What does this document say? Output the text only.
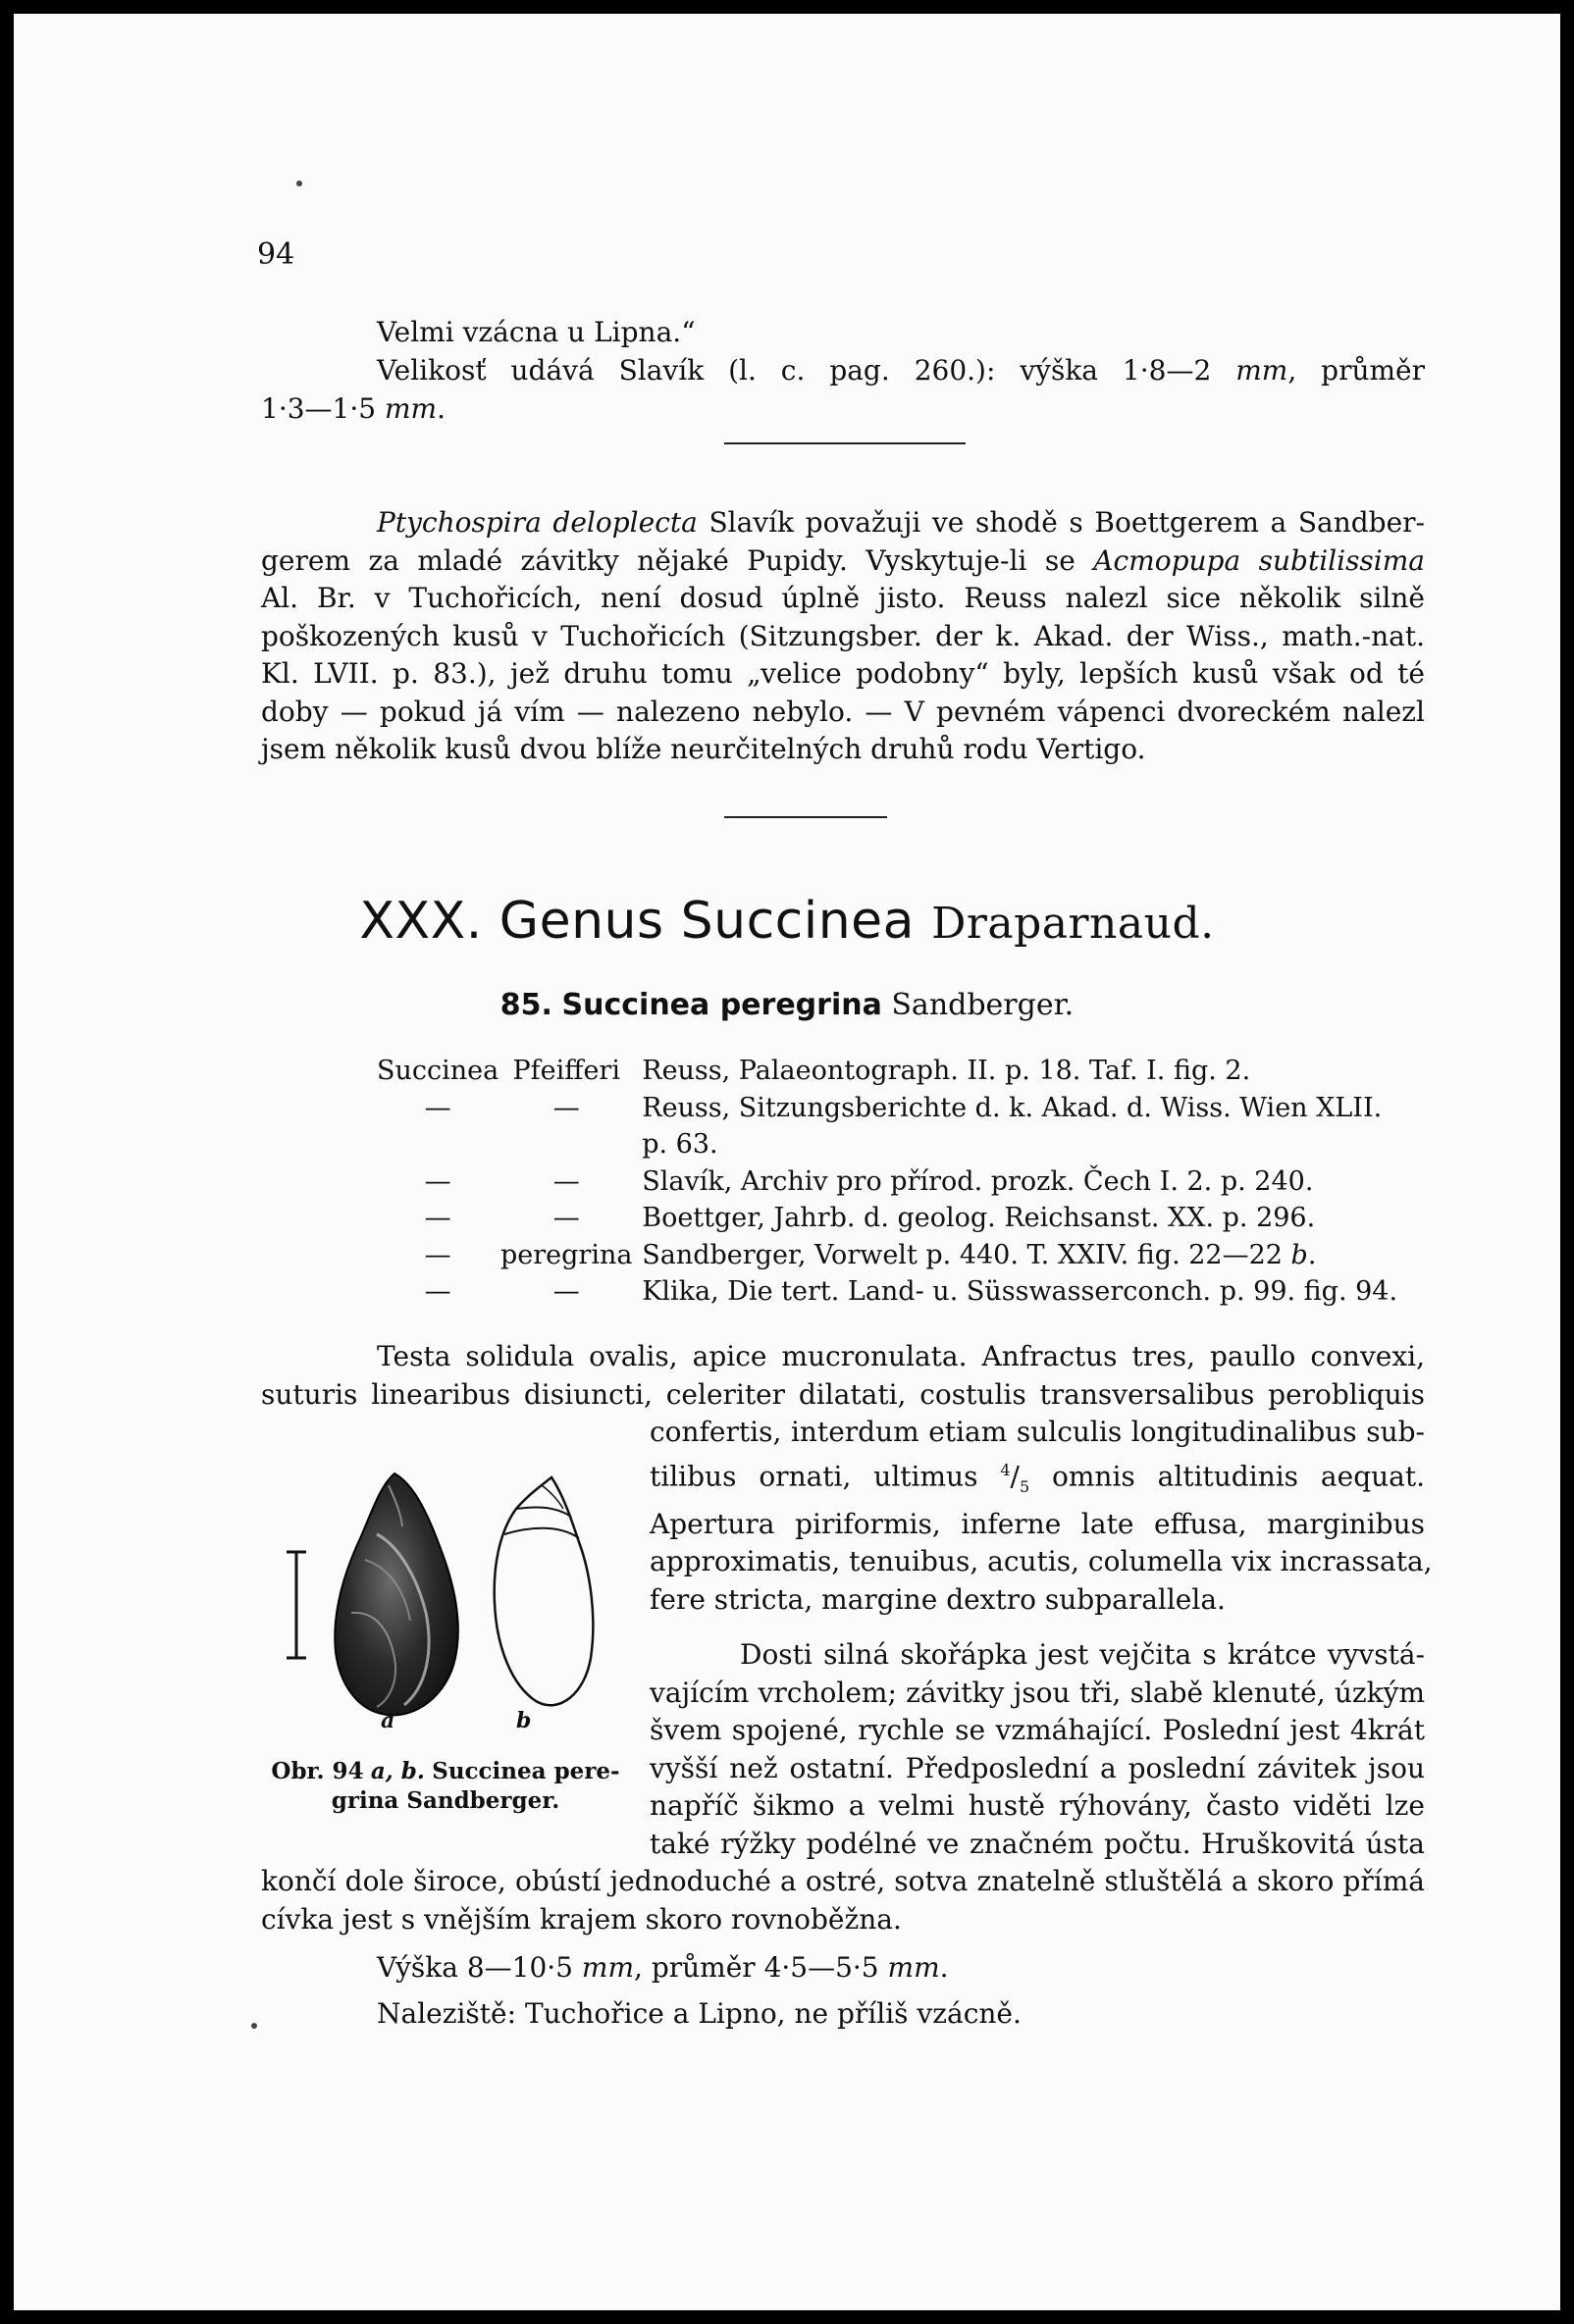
94
Velmi vzácna u Lipna.“
Velikosť udává Slavík (l. c. pag. 260.): výška 1·8—2 mm, průměr
1·3—1·5 mm.
Ptychospira deloplecta Slavík považuji ve shodě s Boettgerem a Sandber-
gerem za mladé závitky nějaké Pupidy. Vyskytuje-li se Acmopupa subtilissima
Al. Br. v Tuchořicích, není dosud úplně jisto. Reuss nalezl sice několik silně
poškozených kusů v Tuchořicích (Sitzungsber. der k. Akad. der Wiss., math.-nat.
Kl. LVII. p. 83.), jež druhu tomu „velice podobny“ byly, lepších kusů však od té
doby — pokud já vím — nalezeno nebylo. — V pevném vápenci dvoreckém nalezl
jsem několik kusů dvou blíže neurčitelných druhů rodu Vertigo.
XXX. Genus Succinea Draparnaud.
85. Succinea peregrina Sandberger.
Succinea	Pfeifferi	Reuss, Palaeontograph. II. p. 18. Taf. I. fig. 2.
—	—	Reuss, Sitzungsberichte d. k. Akad. d. Wiss. Wien XLII.
		p. 63.
—	—	Slavík, Archiv pro přírod. prozk. Čech I. 2. p. 240.
—	—	Boettger, Jahrb. d. geolog. Reichsanst. XX. p. 296.
—	peregrina	Sandberger, Vorwelt p. 440. T. XXIV. fig. 22—22 b.
—	—	Klika, Die tert. Land- u. Süsswasserconch. p. 99. fig. 94.
Testa solidula ovalis, apice mucronulata. Anfractus tres, paullo convexi,
suturis linearibus disiuncti, celeriter dilatati, costulis transversalibus perobliquis
confertis, interdum etiam sulculis longitudinalibus sub-
tilibus ornati, ultimus $^4/_5$ omnis altitudinis aequat.
Apertura piriformis, inferne late effusa, marginibus
approximatis, tenuibus, acutis, columella vix incrassata,
fere stricta, margine dextro subparallela.
a	b
Obr. 94 a, b. Succinea pere-
grina Sandberger.
Dosti silná skořápka jest vejčita s krátce vyvstá-
vajícím vrcholem; závitky jsou tři, slabě klenuté, úzkým
švem spojené, rychle se vzmáhající. Poslední jest 4krát
vyšší než ostatní. Předposlední a poslední závitek jsou
napříč šikmo a velmi hustě rýhovány, často viděti lze
také rýžky podélné ve značném počtu. Hruškovitá ústa
končí dole široce, obústí jednoduché a ostré, sotva znatelně stluštělá a skoro přímá
cívka jest s vnějším krajem skoro rovnoběžna.
Výška 8—10·5 mm, průměr 4·5—5·5 mm.
Naleziště: Tuchořice a Lipno, ne příliš vzácně.
